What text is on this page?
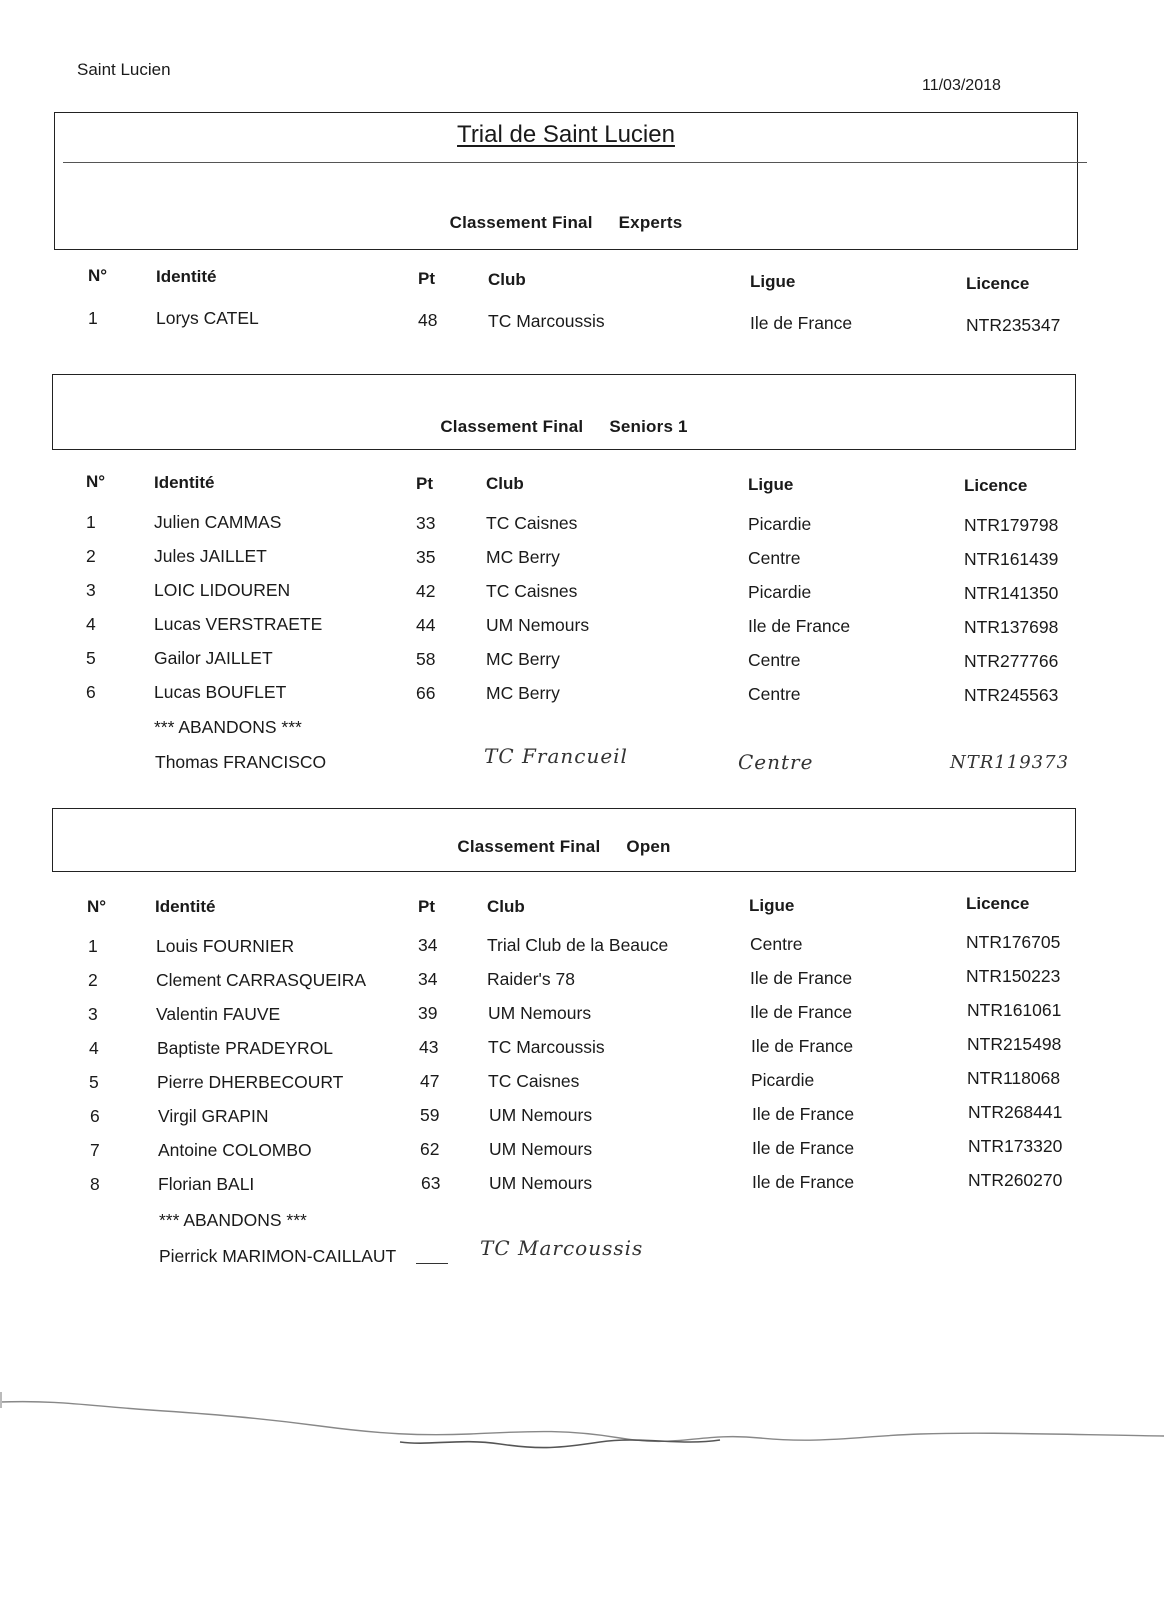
Saint Lucien
11/03/2018
Trial de Saint Lucien
Classement Final Experts
N°	Identité	Pt	Club	Ligue	Licence
1	Lorys CATEL	48	TC Marcoussis	Ile de France	NTR235347
Classement Final Seniors 1
N°	Identité	Pt	Club	Ligue	Licence
1	Julien CAMMAS	33	TC Caisnes	Picardie	NTR179798
2	Jules JAILLET	35	MC Berry	Centre	NTR161439
3	LOIC LIDOUREN	42	TC Caisnes	Picardie	NTR141350
4	Lucas VERSTRAETE	44	UM Nemours	Ile de France	NTR137698
5	Gailor JAILLET	58	MC Berry	Centre	NTR277766
6	Lucas BOUFLET	66	MC Berry	Centre	NTR245563
*** ABANDONS ***
Thomas FRANCISCO	TC Francueil	Centre	NTR119373
Classement Final Open
N°	Identité	Pt	Club	Ligue	Licence
1	Louis FOURNIER	34	Trial Club de la Beauce	Centre	NTR176705
2	Clement CARRASQUEIRA	34	Raider's 78	Ile de France	NTR150223
3	Valentin FAUVE	39	UM Nemours	Ile de France	NTR161061
4	Baptiste PRADEYROL	43	TC Marcoussis	Ile de France	NTR215498
5	Pierre DHERBECOURT	47	TC Caisnes	Picardie	NTR118068
6	Virgil GRAPIN	59	UM Nemours	Ile de France	NTR268441
7	Antoine COLOMBO	62	UM Nemours	Ile de France	NTR173320
8	Florian BALI	63	UM Nemours	Ile de France	NTR260270
*** ABANDONS ***
Pierrick MARIMON-CAILLAUT	TC Marcoussis
